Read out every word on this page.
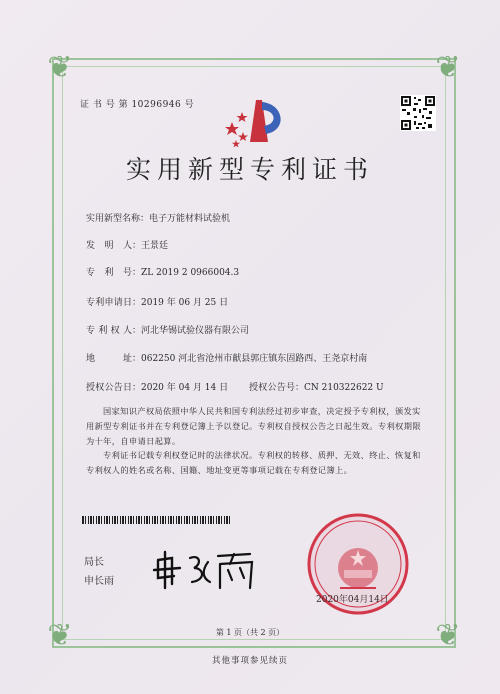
❦	❦
❦	❦
证 书 号 第 10296946 号
实用新型专利证书
实用新型名称：电子万能材料试验机
发 明 人：王景廷
专 利 号：ZL 2019 2 0966004.3
专利申请日：2019 年 06 月 25 日
专 利 权 人：河北华锡试验仪器有限公司
地 址：062250 河北省沧州市献县郭庄镇东固路西、王尧京村南
授权公告日：2020 年 04 月 14 日 授权公告号：CN 210322622 U
国家知识产权局依照中华人民共和国专利法经过初步审查，决定授予专利权，颁发实用新型专利证书并在专利登记簿上予以登记。专利权自授权公告之日起生效。专利权期限为十年，自申请日起算。
专利证书记载专利权登记时的法律状况。专利权的转移、质押、无效、终止、恢复和专利权人的姓名或名称、国籍、地址变更等事项记载在专利登记簿上。
局长
申长雨
2020年04月14日
第 1 页（共 2 页）
其他事项参见续页
